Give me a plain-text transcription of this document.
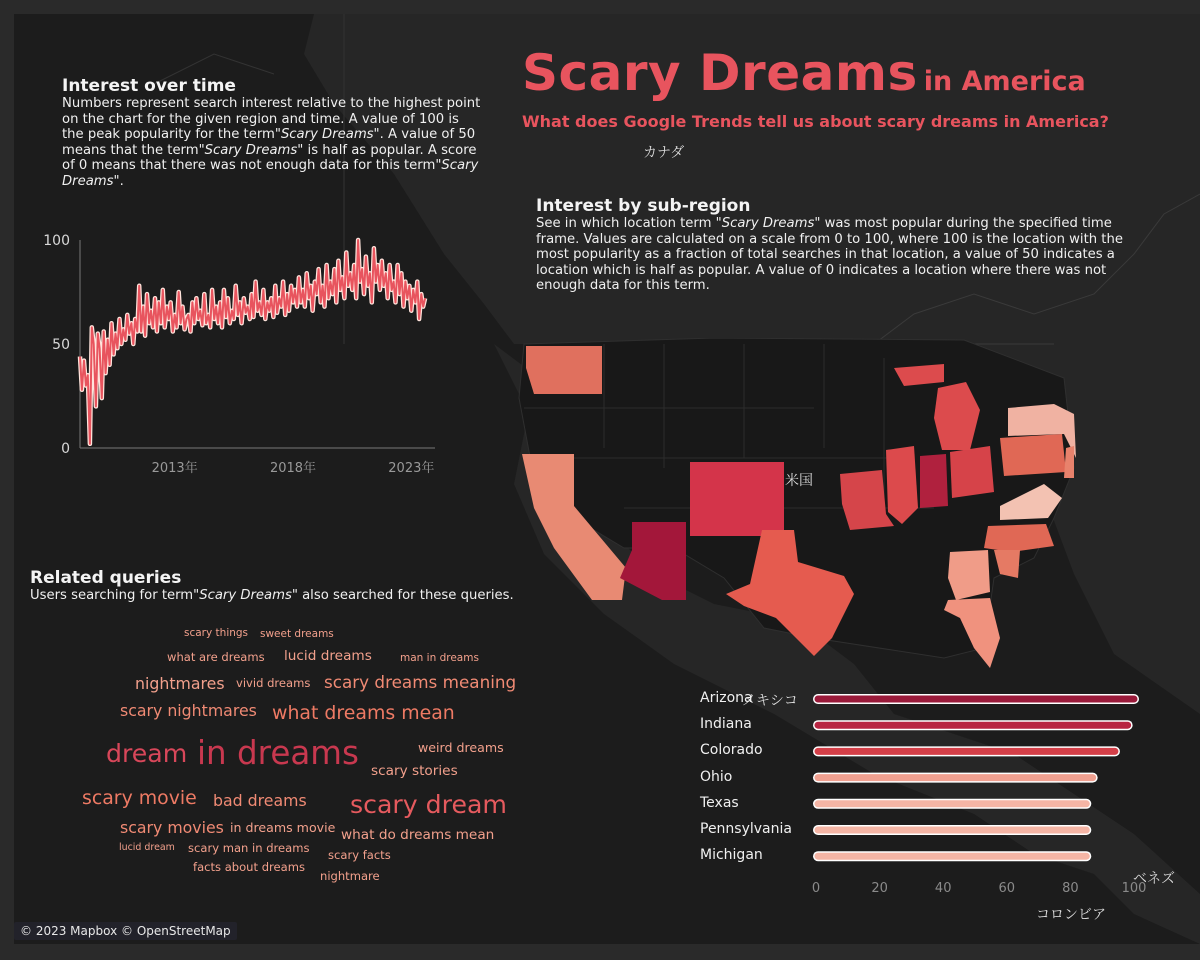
カナダ
米国
メキシコ
ベネズ
コロンビア
Scary Dreams in America
What does Google Trends tell us about scary dreams in America?
Interest over time
Numbers represent search interest relative to the highest point on the chart for the given region and time. A value of 100 is the peak popularity for the term"Scary Dreams". A value of 50 means that the term"Scary Dreams" is half as popular. A score of 0 means that there was not enough data for this term"Scary Dreams".
0
50
100
2013年	2018年	2023年
Interest by sub-region
See in which location term "Scary Dreams" was most popular during the specified time frame. Values are calculated on a scale from 0 to 100, where 100 is the location with the most popularity as a fraction of total searches in that location, a value of 50 indicates a location which is half as popular. A value of 0 indicates a location where there was not enough data for this term.
Related queries
Users searching for term"Scary Dreams" also searched for these queries.
scary things sweet dreams
what are dreams lucid dreams	man in dreams
nightmares vivid dreams scary dreams meaning
scary nightmares what dreams mean
dream in dreams	weird dreams
scary stories
scary movie bad dreams scary dream
scary movies in dreams movie what do dreams mean
lucid dream scary man in dreams scary facts
facts about dreams
nightmare
Arizona
Indiana
Colorado
Ohio
Texas
Pennsylvania
Michigan
0	20	40	60	80	100
© 2023 Mapbox © OpenStreetMap
